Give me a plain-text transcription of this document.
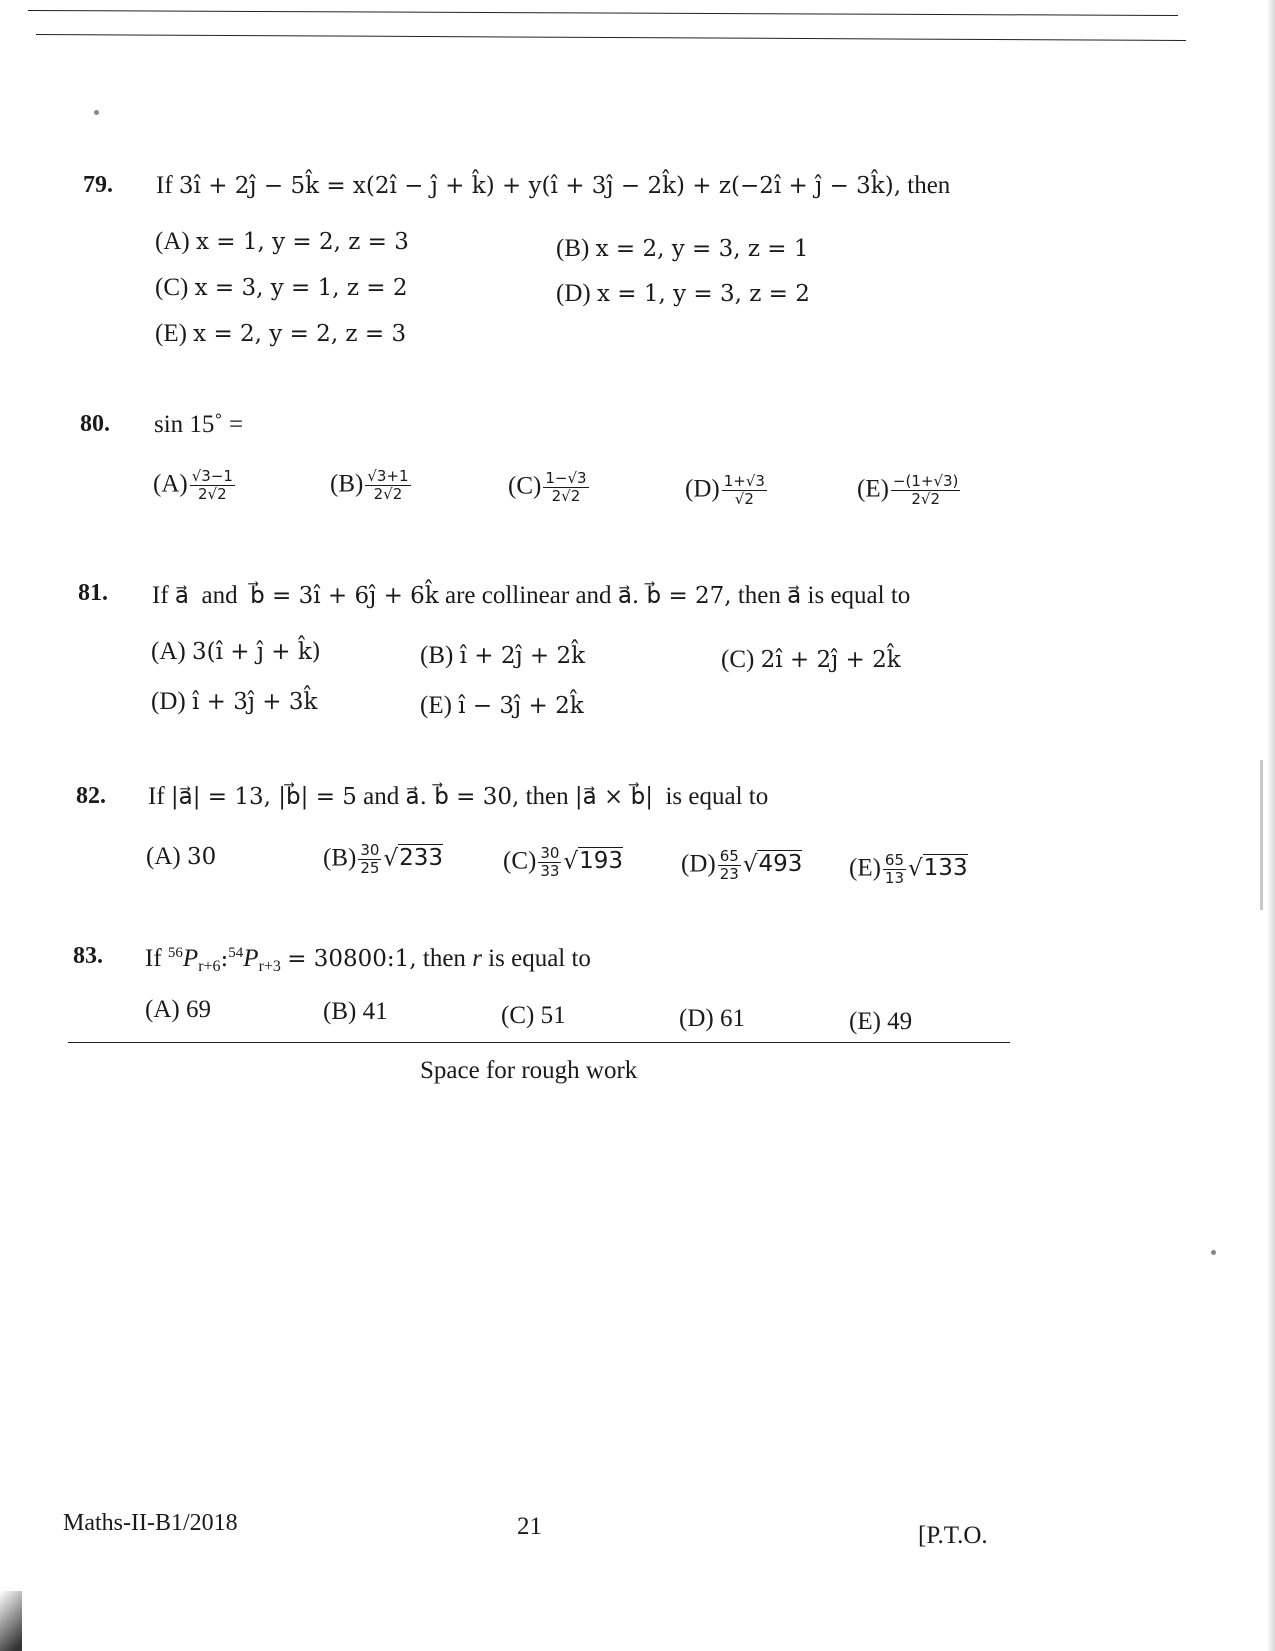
79. If 3î + 2ĵ − 5k̂ = x(2î − ĵ + k̂) + y(î + 3ĵ − 2k̂) + z(−2î + ĵ − 3k̂), then
(A) x = 1, y = 2, z = 3	(B) x = 2, y = 3, z = 1
(C) x = 3, y = 1, z = 2	(D) x = 1, y = 3, z = 2
(E) x = 2, y = 2, z = 3
80. sin 15˚ =
$(A) \frac{√3-1}{2√2}$	$(B) \frac{√3+1}{2√2}$	$(C) \frac{1-√3}{2√2}$	$(D) \frac{1+√3}{√2}$	$(E) \frac{-(1+√3)}{2√2}$
81. If a⃗ and b⃗ = 3î + 6ĵ + 6k̂ are collinear and a⃗. b⃗ = 27, then a⃗ is equal to
(A) 3(î + ĵ + k̂)	(B) î + 2ĵ + 2k̂	(C) 2î + 2ĵ + 2k̂
(D) î + 3ĵ + 3k̂	(E) î − 3ĵ + 2k̂
82. If |a⃗| = 13, |b⃗| = 5 and a⃗. b⃗ = 30, then |a⃗ × b⃗| is equal to
(A) 30	$(B) \frac{30}{25} √233$ $(C) \frac{30}{33} √193$ $(D) \frac{65}{23} √493$ $(E) \frac{65}{13} √133$
83. If $^{56}P_{r+6}:^{54}P_{r+3}$ = 30800:1, then r is equal to
(A) 69	(B) 41	(C) 51	(D) 61	(E) 49
Space for rough work
Maths-II-B1/2018	21	[P.T.O.
